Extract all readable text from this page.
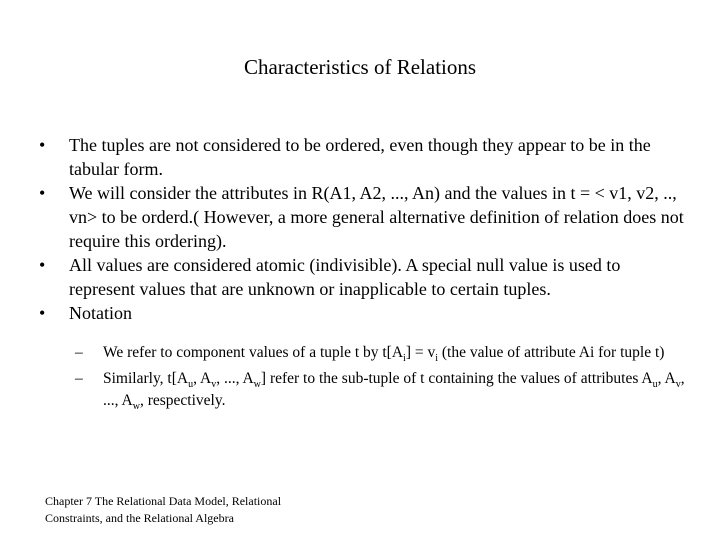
Characteristics of Relations
•	The tuples are not considered to be ordered, even though they appear to be in the tabular form.
•	We will consider the attributes in R(A1, A2, ..., An) and the values in t = < v1, v2, .., vn> to be orderd.( However, a more general alternative definition of relation does not require this ordering).
•	All values are considered atomic (indivisible). A special null value is used to represent values that are unknown or inapplicable to certain tuples.
•	Notation
–	We refer to component values of a tuple t by $t[A_i] = v_i$ (the value of attribute Ai for tuple t)
–	Similarly, $t[A_u$, $A_v$, ..., $A_w$] refer to the sub-tuple of t containing the values of attributes $A_u$, $A_v$, ..., $A_w$, respectively.
Chapter 7 The Relational Data Model, Relational
Constraints, and the Relational Algebra
